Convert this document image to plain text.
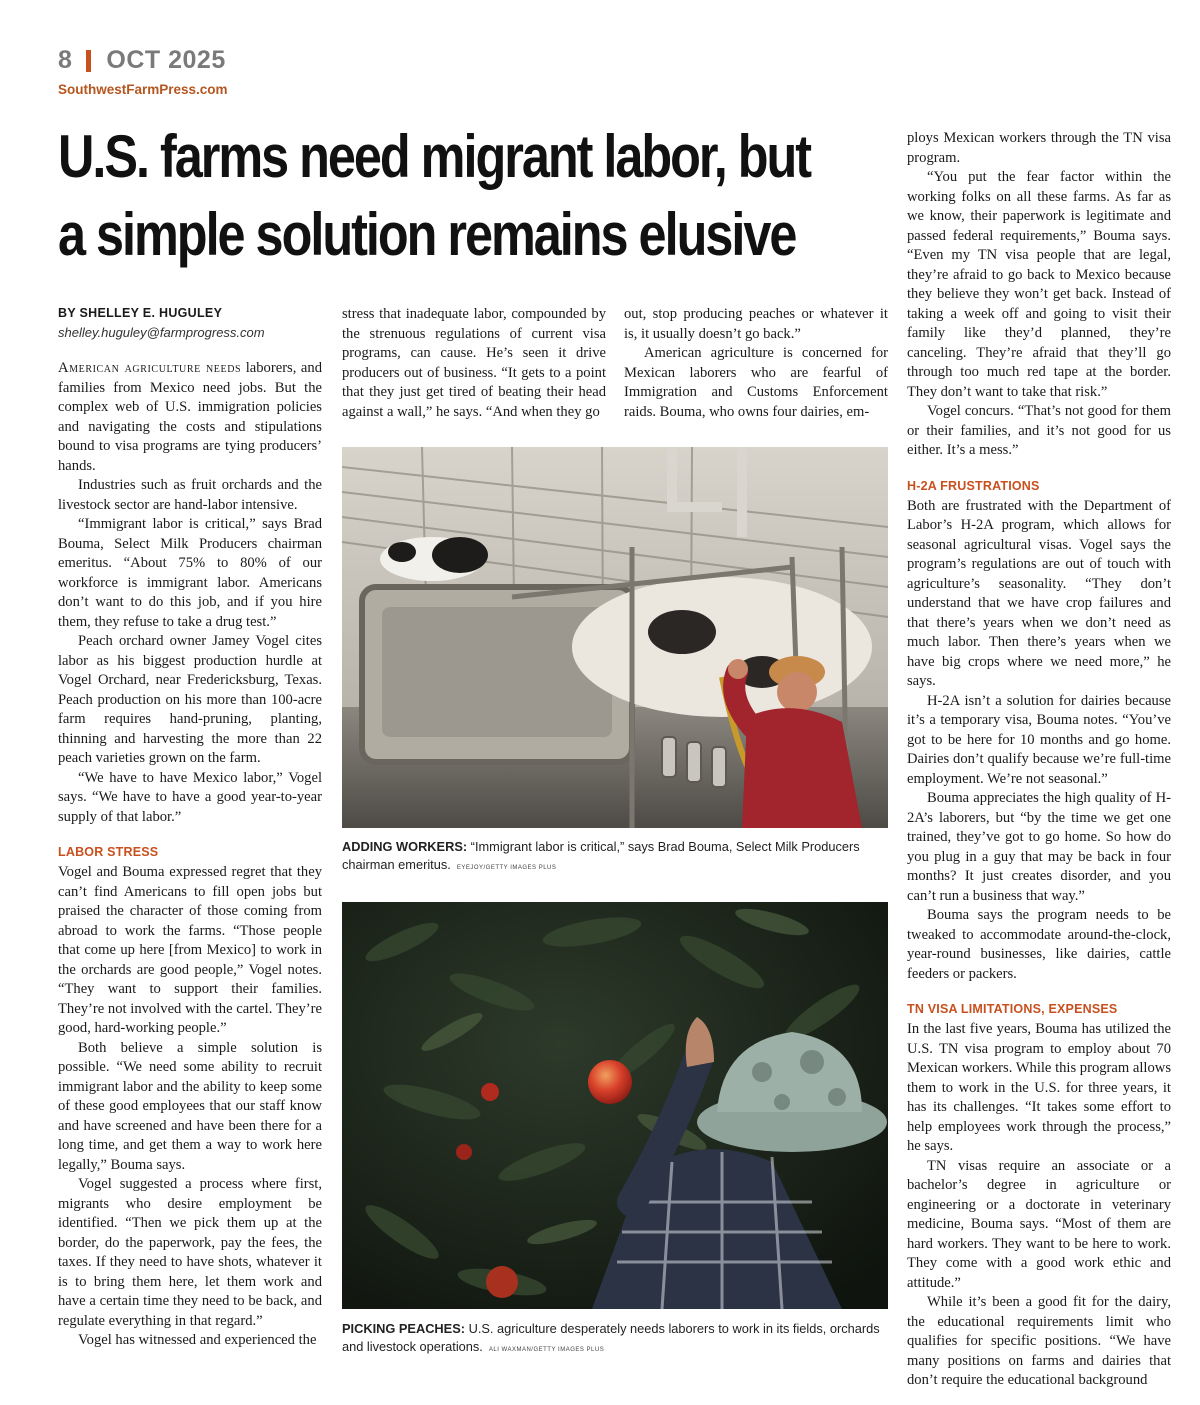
8 OCT 2025
SouthwestFarmPress.com
U.S. farms need migrant labor, but
a simple solution remains elusive
BY SHELLEY E. HUGULEY
shelley.huguley@farmprogress.com

American agriculture needs laborers, and families from Mexico need jobs. But the complex web of U.S. immigration policies and navigating the costs and stipulations bound to visa programs are tying producers’ hands.

Industries such as fruit orchards and the livestock sector are hand-labor intensive.

“Immigrant labor is critical,” says Brad Bouma, Select Milk Producers chairman emeritus. “About 75% to 80% of our workforce is immigrant labor. Americans don’t want to do this job, and if you hire them, they refuse to take a drug test.”

Peach orchard owner Jamey Vogel cites labor as his biggest production hurdle at Vogel Orchard, near Fredericksburg, Texas. Peach production on his more than 100-acre farm requires hand-pruning, planting, thinning and harvesting the more than 22 peach varieties grown on the farm.

“We have to have Mexico labor,” Vogel says. “We have to have a good year-to-year supply of that labor.”

LABOR STRESS

Vogel and Bouma expressed regret that they can’t find Americans to fill open jobs but praised the character of those coming from abroad to work the farms. “Those people that come up here [from Mexico] to work in the orchards are good people,” Vogel notes. “They want to support their families. They’re not involved with the cartel. They’re good, hard-working people.”

Both believe a simple solution is possible. “We need some ability to recruit immigrant labor and the ability to keep some of these good employees that our staff know and have screened and have been there for a long time, and get them a way to work here legally,” Bouma says.

Vogel suggested a process where first, migrants who desire employment be identified. “Then we pick them up at the border, do the paperwork, pay the fees, the taxes. If they need to have shots, whatever it is to bring them here, let them work and have a certain time they need to be back, and regulate everything in that regard.”

Vogel has witnessed and experienced the

stress that inadequate labor, compounded by the strenuous regulations of current visa programs, can cause. He’s seen it drive producers out of business. “It gets to a point that they just get tired of beating their head against a wall,” he says. “And when they go

out, stop producing peaches or whatever it is, it usually doesn’t go back.”

American agriculture is concerned for Mexican laborers who are fearful of Immigration and Customs Enforcement raids. Bouma, who owns four dairies, em-

ploys Mexican workers through the TN visa program.

“You put the fear factor within the working folks on all these farms. As far as we know, their paperwork is legitimate and passed federal requirements,” Bouma says. “Even my TN visa people that are legal, they’re afraid to go back to Mexico because they believe they won’t get back. Instead of taking a week off and going to visit their family like they’d planned, they’re canceling. They’re afraid that they’ll go through too much red tape at the border. They don’t want to take that risk.”

Vogel concurs. “That’s not good for them or their families, and it’s not good for us either. It’s a mess.”

H-2A FRUSTRATIONS

Both are frustrated with the Department of Labor’s H-2A program, which allows for seasonal agricultural visas. Vogel says the program’s regulations are out of touch with agriculture’s seasonality. “They don’t understand that we have crop failures and that there’s years when we don’t need as much labor. Then there’s years when we have big crops where we need more,” he says.

H-2A isn’t a solution for dairies because it’s a temporary visa, Bouma notes. “You’ve got to be here for 10 months and go home. Dairies don’t qualify because we’re full-time employment. We’re not seasonal.”

Bouma appreciates the high quality of H-2A’s laborers, but “by the time we get one trained, they’ve got to go home. So how do you plug in a guy that may be back in four months? It just creates disorder, and you can’t run a business that way.”

Bouma says the program needs to be tweaked to accommodate around-the-clock, year-round businesses, like dairies, cattle feeders or packers.

TN VISA LIMITATIONS, EXPENSES

In the last five years, Bouma has utilized the U.S. TN visa program to employ about 70 Mexican workers. While this program allows them to work in the U.S. for three years, it has its challenges. “It takes some effort to help employees work through the process,” he says.

TN visas require an associate or a bachelor’s degree in agriculture or engineering or a doctorate in veterinary medicine, Bouma says. “Most of them are hard workers. They want to be here to work. They come with a good work ethic and attitude.”

While it’s been a good fit for the dairy, the educational requirements limit who qualifies for specific positions. “We have many positions on farms and dairies that don’t require the educational background

ADDING WORKERS: “Immigrant labor is critical,” says Brad Bouma, Select Milk Producers chairman emeritus. EYEJOY/GETTY IMAGES PLUS
PICKING PEACHES: U.S. agriculture desperately needs laborers to work in its fields, orchards and livestock operations. ALI WAXMAN/GETTY IMAGES PLUS
